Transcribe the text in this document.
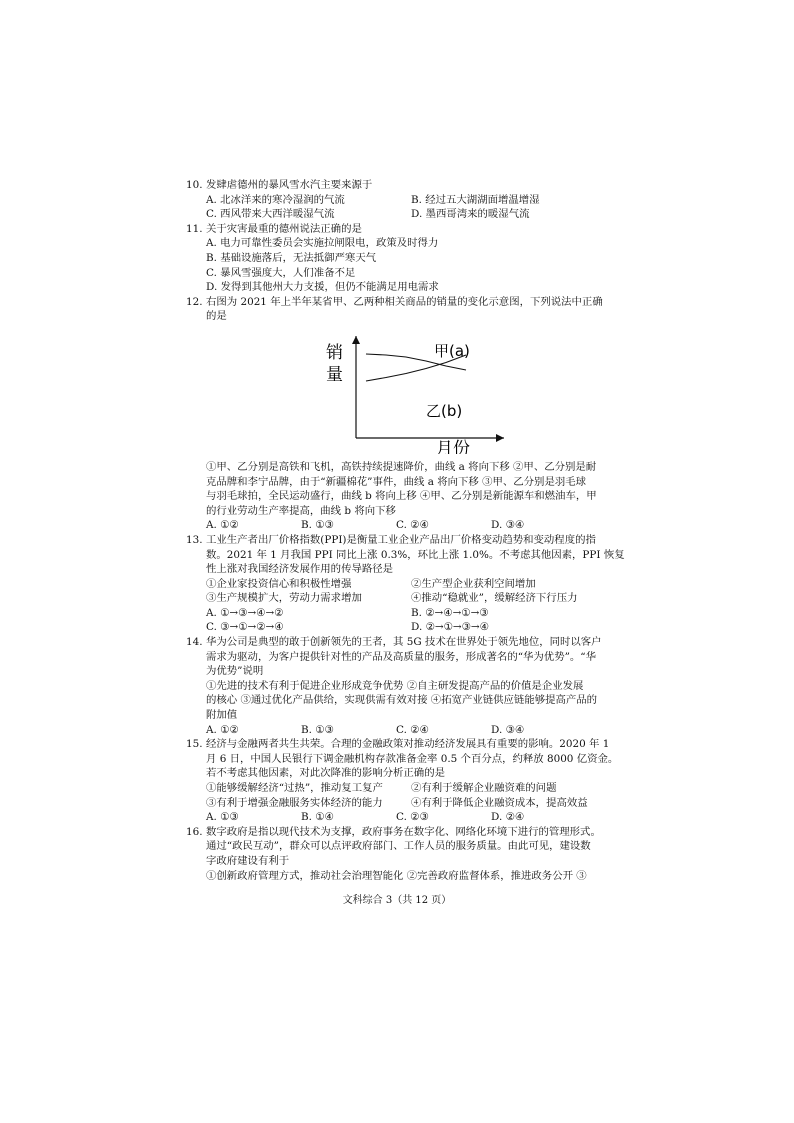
10. 发肆虐德州的暴风雪水汽主要来源于
A. 北冰洋来的寒冷湿润的气流	B. 经过五大湖湖面增温增湿
C. 西风带来大西洋暖湿气流	D. 墨西哥湾来的暖湿气流
11. 关于灾害最重的德州说法正确的是
A. 电力可靠性委员会实施拉闸限电，政策及时得力
B. 基础设施落后，无法抵御严寒天气
C. 暴风雪强度大，人们准备不足
D. 发得到其他州大力支援，但仍不能满足用电需求
12. 右图为 2021 年上半年某省甲、乙两种相关商品的销量的变化示意图，下列说法中正确
的是
销
量
月份
甲(a)
乙(b)
①甲、乙分别是高铁和飞机，高铁持续提速降价，曲线 a 将向下移 ②甲、乙分别是耐
克品牌和李宁品牌，由于“新疆棉花”事件，曲线 a 将向下移 ③甲、乙分别是羽毛球
与羽毛球拍，全民运动盛行，曲线 b 将向上移 ④甲、乙分别是新能源车和燃油车，甲
的行业劳动生产率提高，曲线 b 将向下移
A. ①②	B. ①③	C. ②④	D. ③④
13. 工业生产者出厂价格指数(PPI)是衡量工业企业产品出厂价格变动趋势和变动程度的指
数。2021 年 1 月我国 PPI 同比上涨 0.3%，环比上涨 1.0%。不考虑其他因素，PPI 恢复
性上涨对我国经济发展作用的传导路径是
①企业家投资信心和积极性增强	②生产型企业获利空间增加
③生产规模扩大，劳动力需求增加	④推动“稳就业”，缓解经济下行压力
A. ①→③→④→②	B. ②→④→①→③
C. ③→①→②→④	D. ②→①→③→④
14. 华为公司是典型的敢于创新领先的王者，其 5G 技术在世界处于领先地位，同时以客户
需求为驱动，为客户提供针对性的产品及高质量的服务，形成著名的“华为优势”。“华
为优势”说明
①先进的技术有利于促进企业形成竞争优势 ②自主研发提高产品的价值是企业发展
的核心 ③通过优化产品供给，实现供需有效对接 ④拓宽产业链供应链能够提高产品的
附加值
A. ①②	B. ①③	C. ②④	D. ③④
15. 经济与金融两者共生共荣。合理的金融政策对推动经济发展具有重要的影响。2020 年 1
月 6 日，中国人民银行下调金融机构存款准备金率 0.5 个百分点，约释放 8000 亿资金。
若不考虑其他因素，对此次降准的影响分析正确的是
①能够缓解经济“过热”，推动复工复产	②有利于缓解企业融资难的问题
③有利于增强金融服务实体经济的能力	④有利于降低企业融资成本，提高效益
A. ①③	B. ①④	C. ②③	D. ②④
16. 数字政府是指以现代技术为支撑，政府事务在数字化、网络化环境下进行的管理形式。
通过“政民互动”，群众可以点评政府部门、工作人员的服务质量。由此可见，建设数
字政府建设有利于
①创新政府管理方式，推动社会治理智能化 ②完善政府监督体系，推进政务公开 ③
文科综合 3（共 12 页）
